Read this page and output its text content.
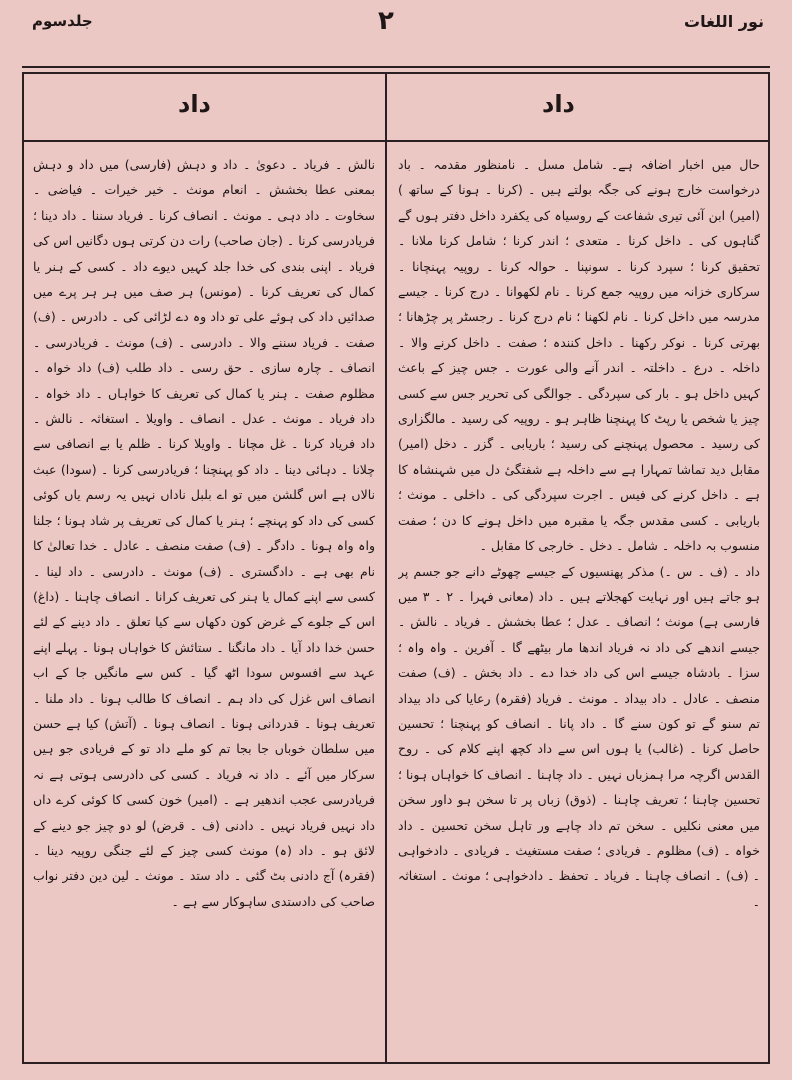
نور اللغات
۲
جلدسوم
داد
داد

حال میں اخبار اضافہ ہے۔ شامل مسل ۔ نامنظور مقدمہ ۔ باد درخواست خارج ہونے کی جگہ بولتے ہیں ۔ (کرنا ۔ ہونا کے ساتھ ) (امیر) ابن آئی تیری شفاعت کے روسیاہ کی یکفرد داخل دفتر ہوں گے گناہوں کی ۔ داخل کرنا ۔ متعدی ؛ اندر کرنا ؛ شامل کرنا ملانا ۔ تحقیق کرنا ؛ سپرد کرنا ۔ سونپنا ۔ حوالہ کرنا ۔ روپیہ پہنچانا ۔ سرکاری خزانہ میں روپیہ جمع کرنا ۔ نام لکھوانا ۔ درج کرنا ۔ جیسے مدرسہ میں داخل کرنا ۔ نام لکھنا ؛ نام درج کرنا ۔ رجسٹر پر چڑھانا ؛ بھرتی کرنا ۔ نوکر رکھنا ۔ داخل کنندہ ؛ صفت ۔ داخل کرنے والا ۔ داخلہ ۔ درع ۔ داخلتہ ۔ اندر آنے والی عورت ۔ جس چیز کے باعث کہیں داخل ہو ۔ بار کی سپردگی ۔ جوالگی کی تحریر جس سے کسی چیز یا شخص یا رپٹ کا پہنچنا ظاہر ہو ۔ روپیہ کی رسید ۔ مالگزاری کی رسید ۔ محصول پہنچنے کی رسید ؛ باریابی ۔ گزر ۔ دخل (امیر) مقابل دید تماشا تمہارا ہے سے داخلہ ہے شفتگیٔ دل میں شہنشاہ کا ہے ۔ داخل کرنے کی فیس ۔ اجرت سپردگی کی ۔ داخلی ۔ مونث ؛ باریابی ۔ کسی مقدس جگہ یا مقبرہ میں داخل ہونے کا دن ؛ صفت منسوب بہ داخلہ ۔ شامل ۔ دخل ۔ خارجی کا مقابل ۔

داد ۔ (ف ۔ س ۔) مذکر پھنسیوں کے جیسے چھوٹے دانے جو جسم پر ہو جاتے ہیں اور نہایت کھجلاتے ہیں ۔ داد (معانی فہرا ۔ ۲ ۔ ۳ میں فارسی ہے) مونث ؛ انصاف ۔ عدل ؛ عطا بخشش ۔ فریاد ۔ نالش ۔ جیسے اندھے کی داد نہ فریاد اندھا مار بیٹھے گا ۔ آفرین ۔ واہ واہ ؛ سزا ۔ بادشاہ جیسے اس کی داد خدا دے ۔ داد بخش ۔ (ف) صفت منصف ۔ عادل ۔ داد بیداد ۔ مونث ۔ فریاد (فقرہ) رعایا کی داد بیداد تم سنو گے تو کون سنے گا ۔ داد پانا ۔ انصاف کو پہنچنا ؛ تحسین حاصل کرنا ۔ (غالب) یا ہوں اس سے داد کچھ اپنے کلام کی ۔ روح القدس اگرچہ مرا ہمزباں نہیں ۔ داد چاہنا ۔ انصاف کا خواہاں ہونا ؛ تحسین چاہنا ؛ تعریف چاہنا ۔ (ذوق) زباں پر تا سخن ہو داور سخن میں معنی نکلیں ۔ سخن تم داد چاہے ور تاہل سخن تحسین ۔ داد خواہ ۔ (ف) مظلوم ۔ فریادی ؛ صفت مستغیث ۔ فریادی ۔ دادخواہی ۔ (ف) ۔ انصاف چاہنا ۔ فریاد ۔ تحفظ ۔ دادخواہی ؛ مونث ۔ استغاثہ ۔

نالش ۔ فریاد ۔ دعویٰ ۔ داد و دہش (فارسی) میں داد و دہش بمعنی عطا بخشش ۔ انعام مونث ۔ خیر خیرات ۔ فیاضی ۔ سخاوت ۔ داد دہی ۔ مونث ۔ انصاف کرنا ۔ فریاد سننا ۔ داد دینا ؛ فریادرسی کرنا ۔ (جان صاحب) رات دن کرتی ہوں دگانیں اس کی فریاد ۔ اپنی بندی کی خدا جلد کہیں دیوے داد ۔ کسی کے ہنر یا کمال کی تعریف کرنا ۔ (مونس) ہر صف میں ہر ہر پرے میں صدائیں داد کی ہوئے علی تو داد وہ دے لڑائی کی ۔ دادرس ۔ (ف) صفت ۔ فریاد سننے والا ۔ دادرسی ۔ (ف) مونث ۔ فریادرسی ۔ انصاف ۔ چارہ سازی ۔ حق رسی ۔ داد طلب (ف) داد خواہ ۔ مظلوم صفت ۔ ہنر یا کمال کی تعریف کا خواہاں ۔ داد خواہ ۔ داد فریاد ۔ مونث ۔ عدل ۔ انصاف ۔ واویلا ۔ استغاثہ ۔ نالش ۔ داد فریاد کرنا ۔ غل مچانا ۔ واویلا کرنا ۔ ظلم یا بے انصافی سے چلانا ۔ دہائی دینا ۔ داد کو پہنچنا ؛ فریادرسی کرنا ۔ (سودا) عبث نالاں ہے اس گلشن میں تو اے بلبل ناداں نہیں یہ رسم یاں کوئی کسی کی داد کو پہنچے ؛ ہنر یا کمال کی تعریف پر شاد ہونا ؛ جلنا واہ واہ ہونا ۔ دادگر ۔ (ف) صفت منصف ۔ عادل ۔ خدا تعالیٰ کا نام بھی ہے ۔ دادگستری ۔ (ف) مونث ۔ دادرسی ۔ داد لینا ۔ کسی سے اپنے کمال یا ہنر کی تعریف کرانا ۔ انصاف چاہنا ۔ (داغ) اس کے جلوے کے غرض کون دکھاں سے کیا تعلق ۔ داد دینے کے لئے حسن خدا داد آیا ۔ داد مانگنا ۔ ستائش کا خواہاں ہونا ۔ پہلے اپنے عہد سے افسوس سودا اٹھ گیا ۔ کس سے مانگیں جا کے اب انصاف اس غزل کی داد ہم ۔ انصاف کا طالب ہونا ۔ داد ملنا ۔ تعریف ہونا ۔ قدردانی ہونا ۔ انصاف ہونا ۔ (آتش) کیا ہے حسن میں سلطان خوباں جا بجا تم کو ملے داد تو کے فریادی جو ہیں سرکار میں آئے ۔ داد نہ فریاد ۔ کسی کی دادرسی ہوتی ہے نہ فریادرسی عجب اندھیر ہے ۔ (امیر) خون کسی کا کوئی کرے داں داد نہیں فریاد نہیں ۔ دادنی (ف ۔ قرض) لو دو چیز جو دینے کے لائق ہو ۔ داد (ہ) مونث کسی چیز کے لئے جنگی روپیہ دینا ۔ (فقرہ) آج دادنی بٹ گئی ۔ داد ستد ۔ مونث ۔ لین دین دفتر نواب صاحب کی دادستدی ساہوکار سے ہے ۔
